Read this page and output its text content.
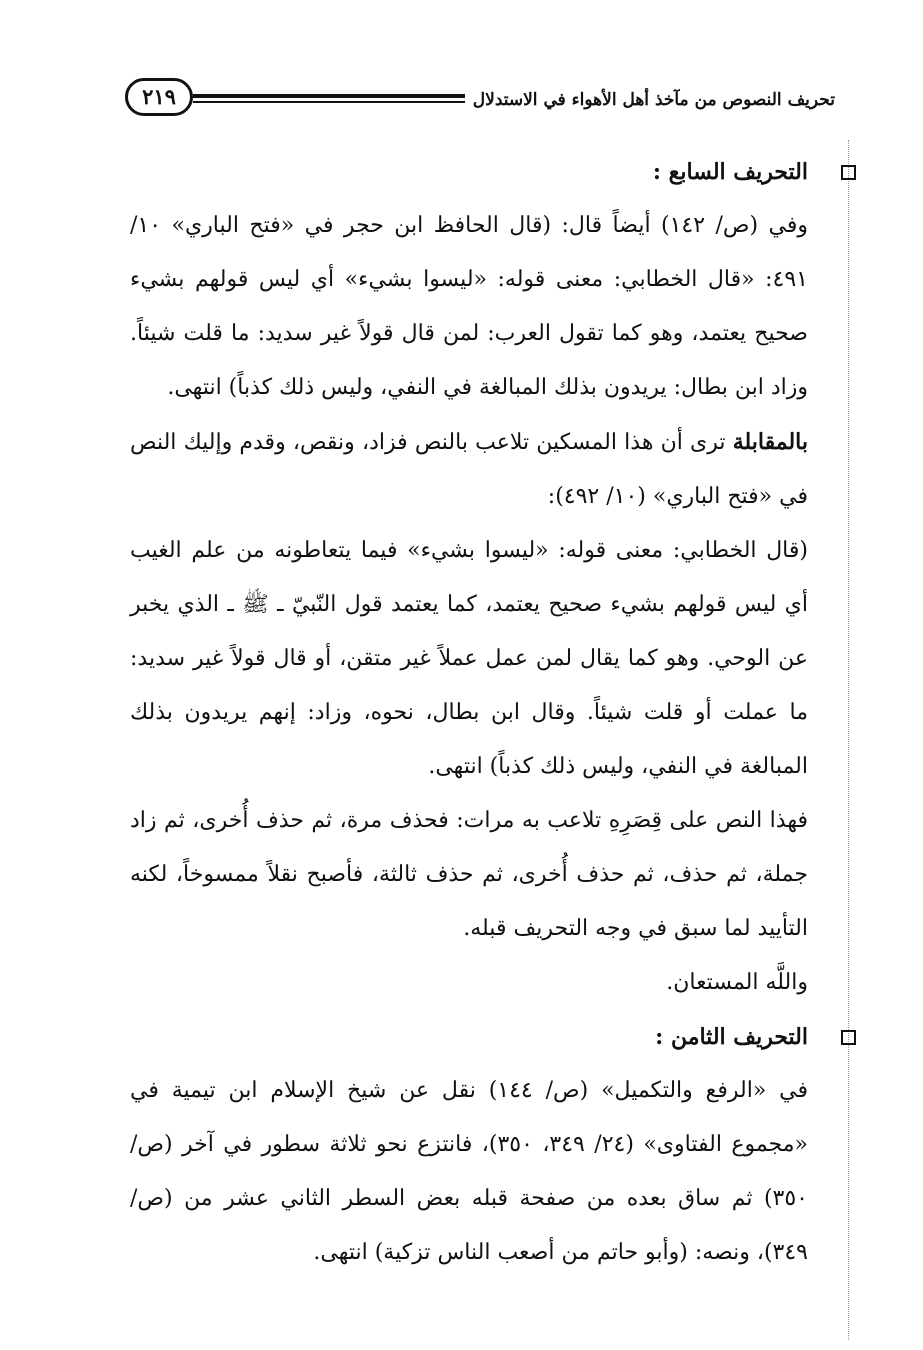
تحريف النصوص من مآخذ أهل الأهواء في الاستدلال
٢١٩

التحريف السابع :

وفي (ص/ ١٤٢) أيضاً قال: (قال الحافظ ابن حجر في «فتح الباري» ١٠/ ٤٩١: «قال الخطابي: معنى قوله: «ليسوا بشيء» أي ليس قولهم بشيء صحيح يعتمد، وهو كما تقول العرب: لمن قال قولاً غير سديد: ما قلت شيئاً. وزاد ابن بطال: يريدون بذلك المبالغة في النفي، وليس ذلك كذباً) انتهى.

بالمقابلة ترى أن هذا المسكين تلاعب بالنص فزاد، ونقص، وقدم وإليك النص في «فتح الباري» (١٠/ ٤٩٢):

(قال الخطابي: معنى قوله: «ليسوا بشيء» فيما يتعاطونه من علم الغيب أي ليس قولهم بشيء صحيح يعتمد، كما يعتمد قول النّبيّ ـ ﷺ ـ الذي يخبر عن الوحي. وهو كما يقال لمن عمل عملاً غير متقن، أو قال قولاً غير سديد: ما عملت أو قلت شيئاً. وقال ابن بطال، نحوه، وزاد: إنهم يريدون بذلك المبالغة في النفي، وليس ذلك كذباً) انتهى.

فهذا النص على قِصَرِهِ تلاعب به مرات: فحذف مرة، ثم حذف أُخرى، ثم زاد جملة، ثم حذف، ثم حذف أُخرى، ثم حذف ثالثة، فأصبح نقلاً ممسوخاً، لكنه التأييد لما سبق في وجه التحريف قبله.

واللَّه المستعان.

التحريف الثامن :

في «الرفع والتكميل» (ص/ ١٤٤) نقل عن شيخ الإسلام ابن تيمية في «مجموع الفتاوى» (٢٤/ ٣٤٩، ٣٥٠)، فانتزع نحو ثلاثة سطور في آخر (ص/ ٣٥٠) ثم ساق بعده من صفحة قبله بعض السطر الثاني عشر من (ص/ ٣٤٩)، ونصه: (وأبو حاتم من أصعب الناس تزكية) انتهى.
